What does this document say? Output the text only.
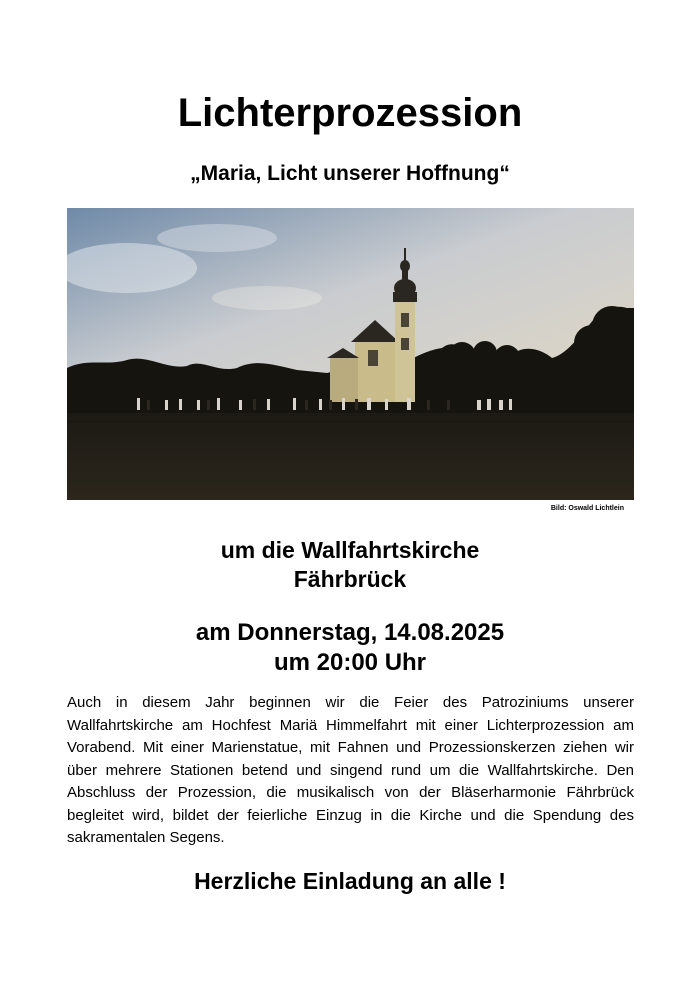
Lichterprozession
„Maria, Licht unserer Hoffnung“
Bild: Oswald Lichtlein
um die Wallfahrtskirche
Fährbrück
am Donnerstag, 14.08.2025
um 20:00 Uhr

Auch in diesem Jahr beginnen wir die Feier des Patroziniums unserer Wallfahrtskirche am Hochfest Mariä Himmelfahrt mit einer Lichterprozession am Vorabend. Mit einer Marienstatue, mit Fahnen und Prozessionskerzen ziehen wir über mehrere Stationen betend und singend rund um die Wallfahrtskirche. Den Abschluss der Prozession, die musikalisch von der Bläserharmonie Fährbrück begleitet wird, bildet der feierliche Einzug in die Kirche und die Spendung des sakramentalen Segens.

Herzliche Einladung an alle !
